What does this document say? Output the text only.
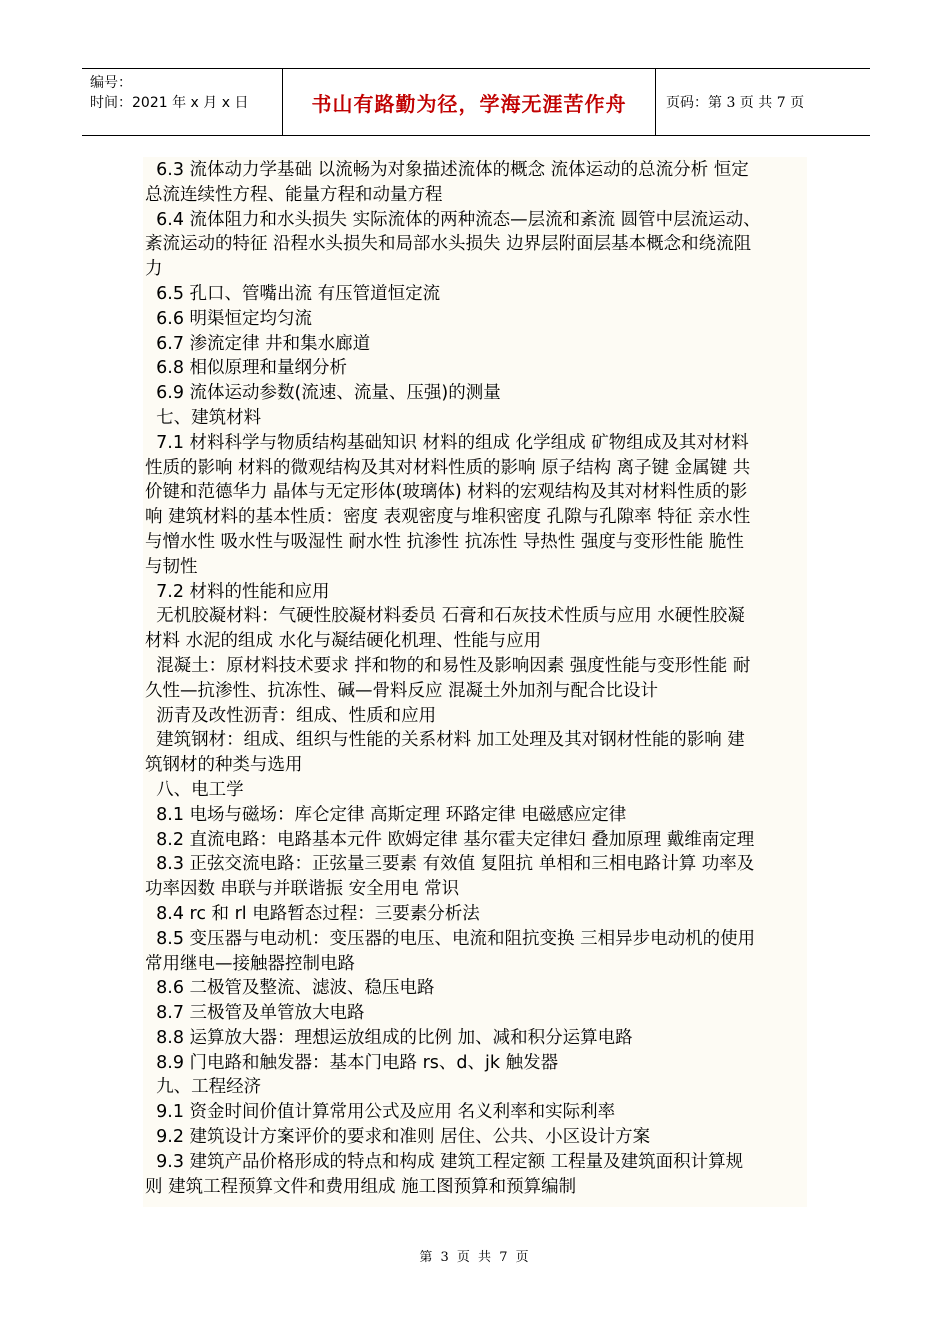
编号：
时间：2021 年 x 月 x 日	书山有路勤为径，学海无涯苦作舟	页码：第 3 页 共 7 页

6.3 流体动力学基础 以流畅为对象描述流体的概念 流体运动的总流分析 恒定

总流连续性方程、能量方程和动量方程

6.4 流体阻力和水头损失 实际流体的两种流态—层流和紊流 圆管中层流运动、

紊流运动的特征 沿程水头损失和局部水头损失 边界层附面层基本概念和绕流阻

力

6.5 孔口、管嘴出流 有压管道恒定流

6.6 明渠恒定均匀流

6.7 渗流定律 井和集水廊道

6.8 相似原理和量纲分析

6.9 流体运动参数(流速、流量、压强)的测量

七、建筑材料

7.1 材料科学与物质结构基础知识 材料的组成 化学组成 矿物组成及其对材料

性质的影响 材料的微观结构及其对材料性质的影响 原子结构 离子键 金属键 共

价键和范德华力 晶体与无定形体(玻璃体) 材料的宏观结构及其对材料性质的影

响 建筑材料的基本性质：密度 表观密度与堆积密度 孔隙与孔隙率 特征 亲水性

与憎水性 吸水性与吸湿性 耐水性 抗渗性 抗冻性 导热性 强度与变形性能 脆性

与韧性

7.2 材料的性能和应用

无机胶凝材料：气硬性胶凝材料委员 石膏和石灰技术性质与应用 水硬性胶凝

材料 水泥的组成 水化与凝结硬化机理、性能与应用

混凝土：原材料技术要求 拌和物的和易性及影响因素 强度性能与变形性能 耐

久性—抗渗性、抗冻性、碱—骨料反应 混凝土外加剂与配合比设计

沥青及改性沥青：组成、性质和应用

建筑钢材：组成、组织与性能的关系材料 加工处理及其对钢材性能的影响 建

筑钢材的种类与选用

八、电工学

8.1 电场与磁场：库仑定律 高斯定理 环路定律 电磁感应定律

8.2 直流电路：电路基本元件 欧姆定律 基尔霍夫定律妇 叠加原理 戴维南定理

8.3 正弦交流电路：正弦量三要素 有效值 复阻抗 单相和三相电路计算 功率及

功率因数 串联与并联谐振 安全用电 常识

8.4 rc 和 rl 电路暂态过程：三要素分析法

8.5 变压器与电动机：变压器的电压、电流和阻抗变换 三相异步电动机的使用

常用继电—接触器控制电路

8.6 二极管及整流、滤波、稳压电路

8.7 三极管及单管放大电路

8.8 运算放大器：理想运放组成的比例 加、减和积分运算电路

8.9 门电路和触发器：基本门电路 rs、d、jk 触发器

九、工程经济

9.1 资金时间价值计算常用公式及应用 名义利率和实际利率

9.2 建筑设计方案评价的要求和准则 居住、公共、小区设计方案

9.3 建筑产品价格形成的特点和构成 建筑工程定额 工程量及建筑面积计算规

则 建筑工程预算文件和费用组成 施工图预算和预算编制

第 3 页 共 7 页
